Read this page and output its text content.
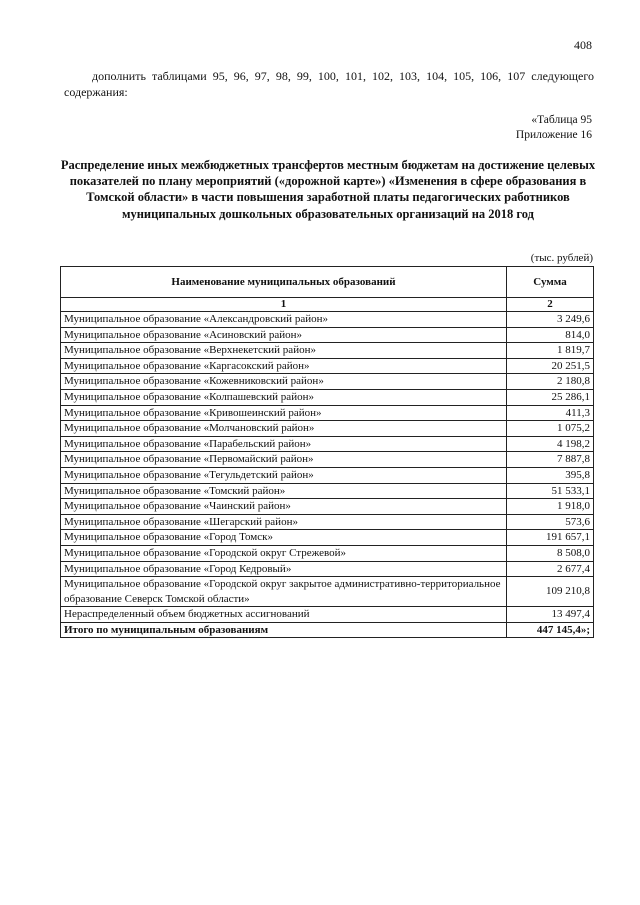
408
дополнить таблицами 95, 96, 97, 98, 99, 100, 101, 102, 103, 104, 105, 106, 107 следующего содержания:
«Таблица 95
Приложение 16
Распределение иных межбюджетных трансфертов местным бюджетам на достижение целевых показателей по плану мероприятий («дорожной карте») «Изменения в сфере образования в Томской области» в части повышения заработной платы педагогических работников муниципальных дошкольных образовательных организаций на 2018 год
(тыс. рублей)
Наименование муниципальных образований	Сумма
1	2
Муниципальное образование «Александровский район»	3 249,6
Муниципальное образование «Асиновский район»	814,0
Муниципальное образование «Верхнекетский район»	1 819,7
Муниципальное образование «Каргасокский район»	20 251,5
Муниципальное образование «Кожевниковский район»	2 180,8
Муниципальное образование «Колпашевский район»	25 286,1
Муниципальное образование «Кривошеинский район»	411,3
Муниципальное образование «Молчановский район»	1 075,2
Муниципальное образование «Парабельский район»	4 198,2
Муниципальное образование «Первомайский район»	7 887,8
Муниципальное образование «Тегульдетский район»	395,8
Муниципальное образование «Томский район»	51 533,1
Муниципальное образование «Чаинский район»	1 918,0
Муниципальное образование «Шегарский район»	573,6
Муниципальное образование «Город Томск»	191 657,1
Муниципальное образование «Городской округ Стрежевой»	8 508,0
Муниципальное образование «Город Кедровый»	2 677,4
Муниципальное образование «Городской округ закрытое административно-территориальное образование Северск Томской области»	109 210,8
Нераспределенный объем бюджетных ассигнований	13 497,4
Итого по муниципальным образованиям	447 145,4»;
